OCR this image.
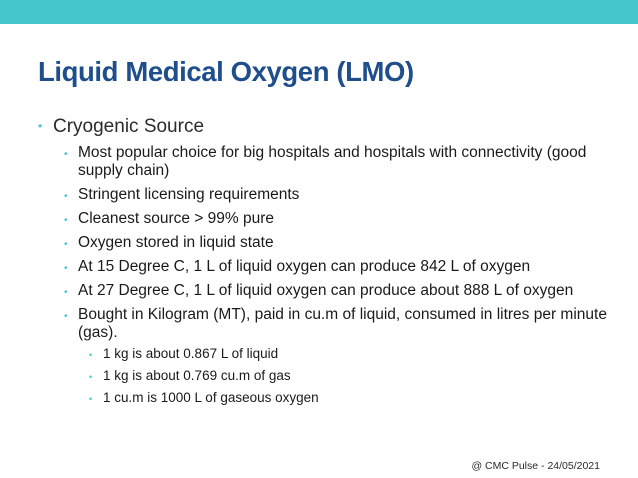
Liquid Medical Oxygen (LMO)
• Cryogenic Source
• Most popular choice for big hospitals and hospitals with connectivity (good supply chain)
• Stringent licensing requirements
• Cleanest source > 99% pure
• Oxygen stored in liquid state
• At 15 Degree C, 1 L of liquid oxygen can produce 842 L of oxygen
• At 27 Degree C, 1 L of liquid oxygen can produce about 888 L of oxygen
• Bought in Kilogram (MT), paid in cu.m of liquid, consumed in litres per minute (gas).
• 1 kg is about 0.867 L of liquid
• 1 kg is about 0.769 cu.m of gas
• 1 cu.m is 1000 L of gaseous oxygen
@ CMC Pulse - 24/05/2021
